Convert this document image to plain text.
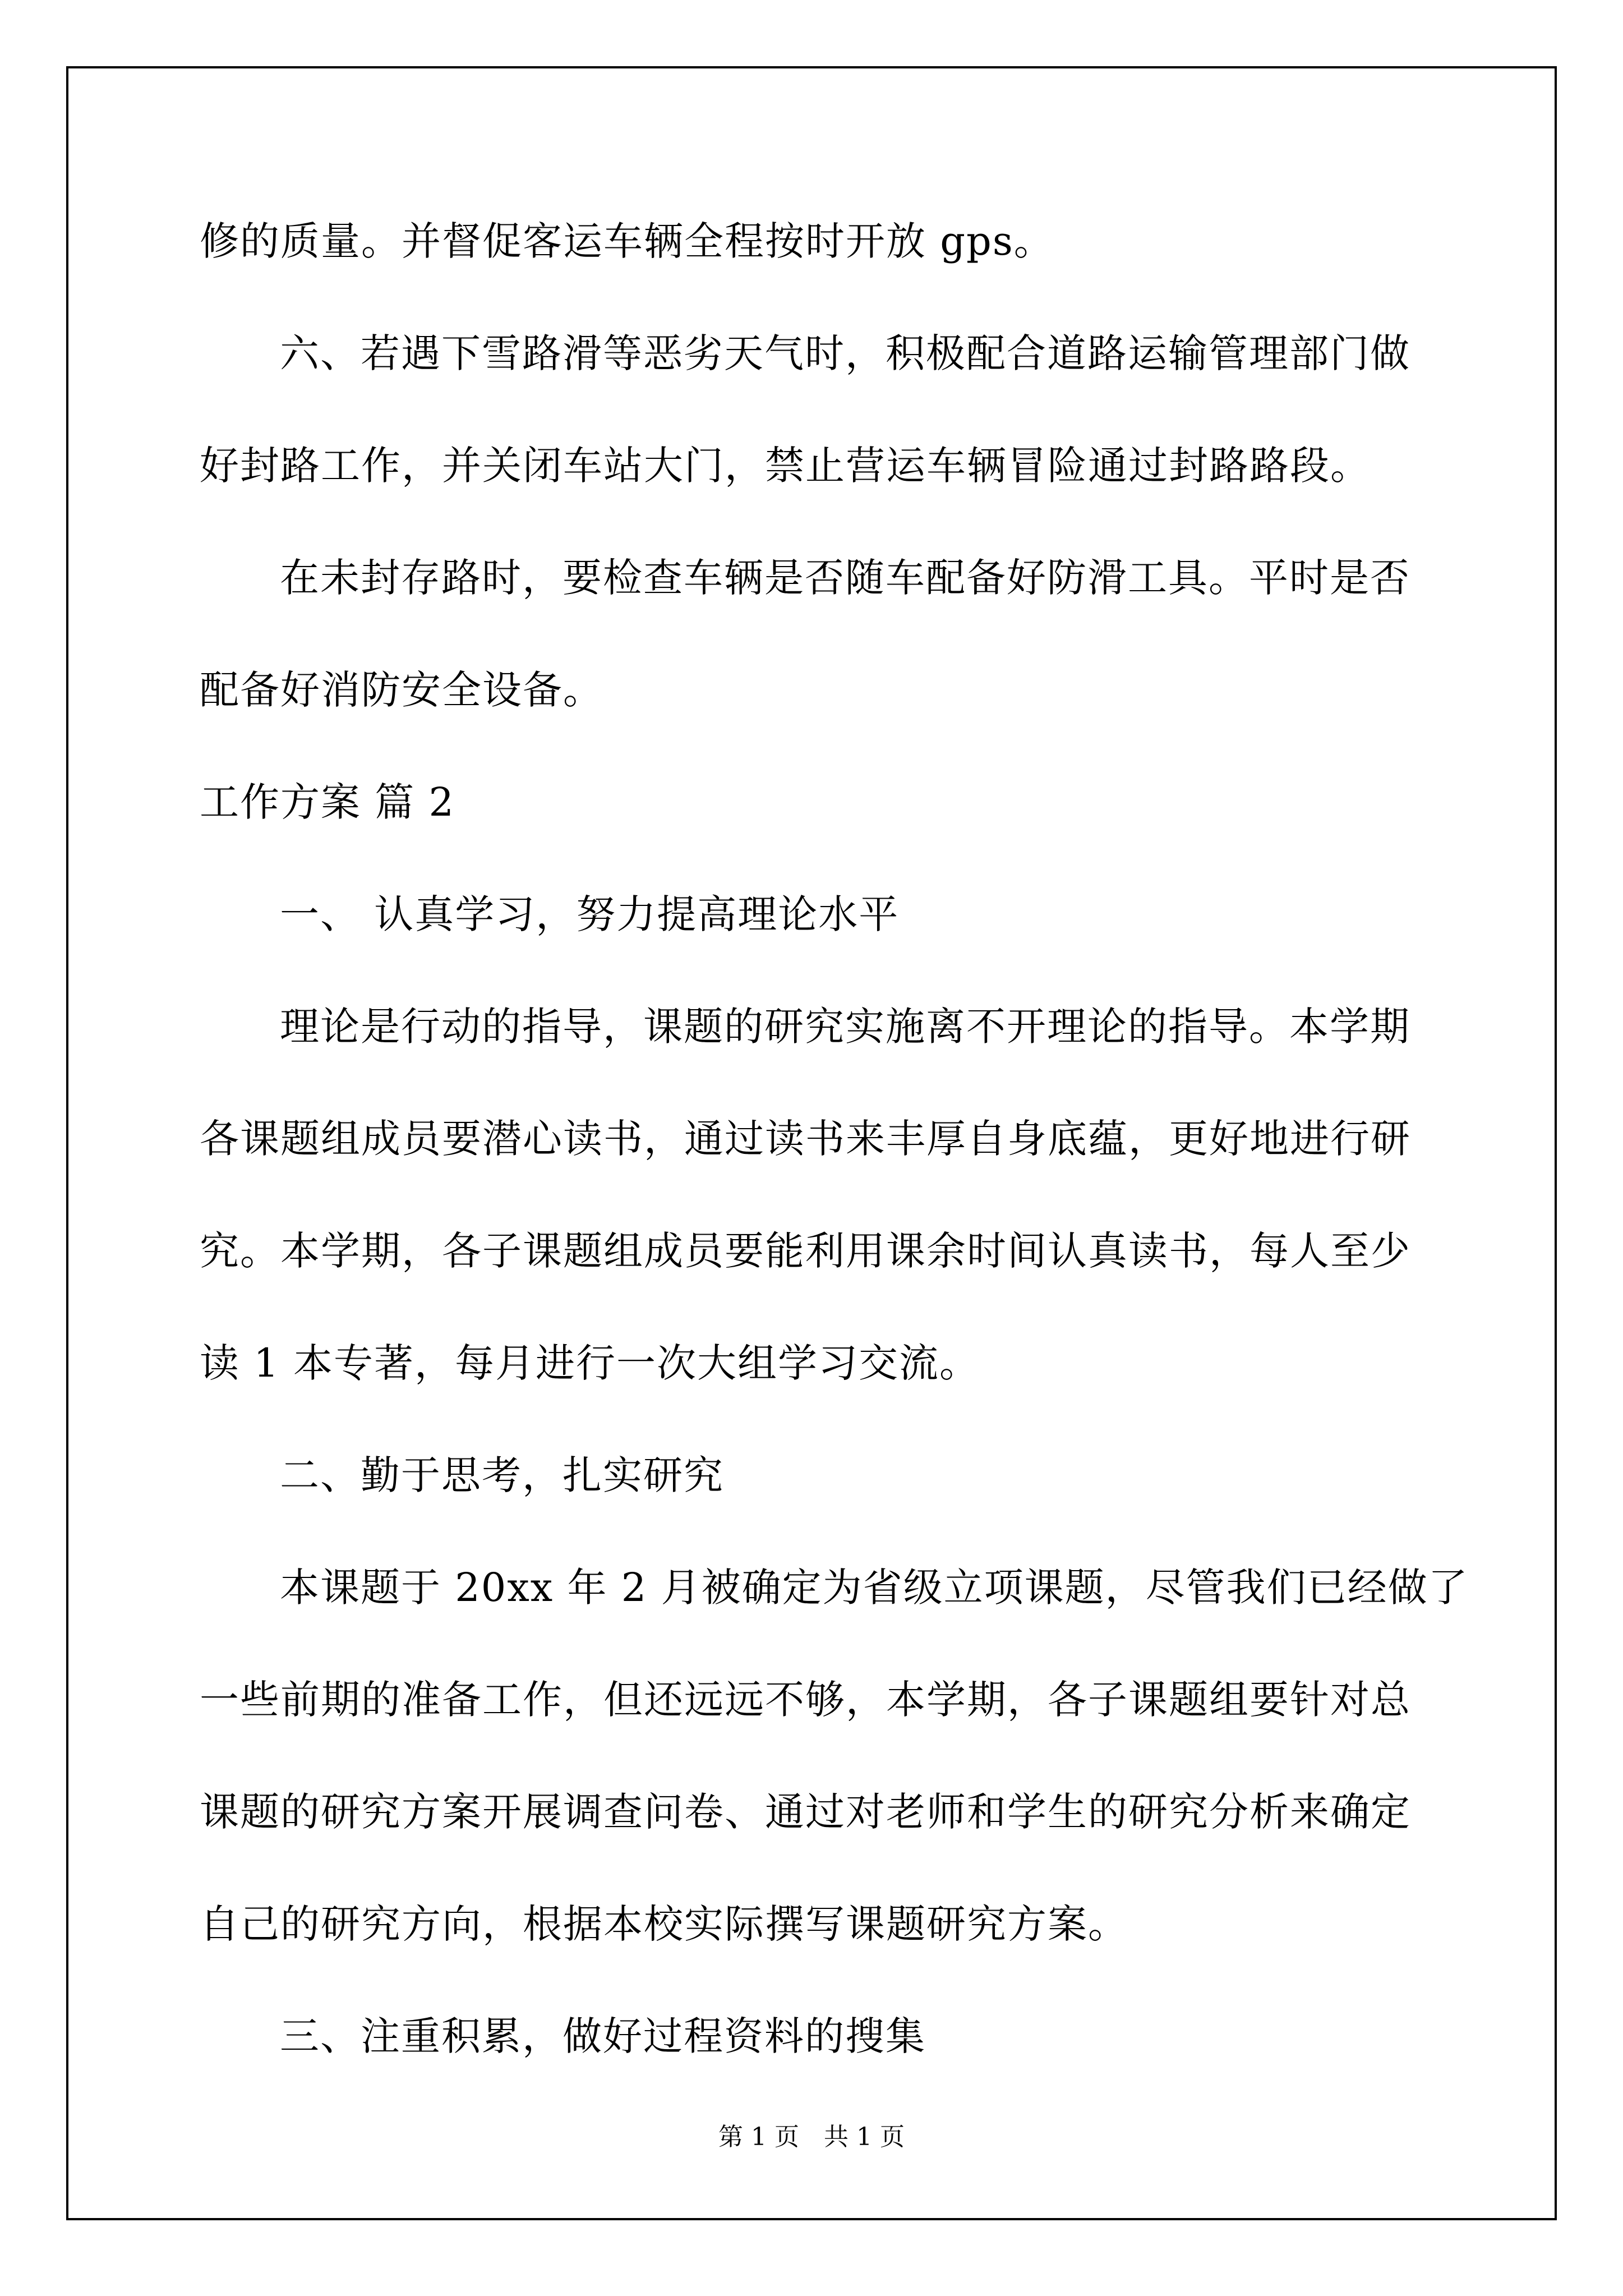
修的质量。并督促客运车辆全程按时开放 gps。

六、若遇下雪路滑等恶劣天气时，积极配合道路运输管理部门做

好封路工作，并关闭车站大门，禁止营运车辆冒险通过封路路段。

在未封存路时，要检查车辆是否随车配备好防滑工具。平时是否

配备好消防安全设备。

工作方案 篇 2

一、 认真学习，努力提高理论水平

理论是行动的指导，课题的研究实施离不开理论的指导。本学期

各课题组成员要潜心读书，通过读书来丰厚自身底蕴，更好地进行研

究。本学期，各子课题组成员要能利用课余时间认真读书，每人至少

读 1 本专著，每月进行一次大组学习交流。

二、勤于思考，扎实研究

本课题于 20xx 年 2 月被确定为省级立项课题，尽管我们已经做了

一些前期的准备工作，但还远远不够，本学期，各子课题组要针对总

课题的研究方案开展调查问卷、通过对老师和学生的研究分析来确定

自己的研究方向，根据本校实际撰写课题研究方案。

三、注重积累，做好过程资料的搜集

第 1 页　共 1 页
